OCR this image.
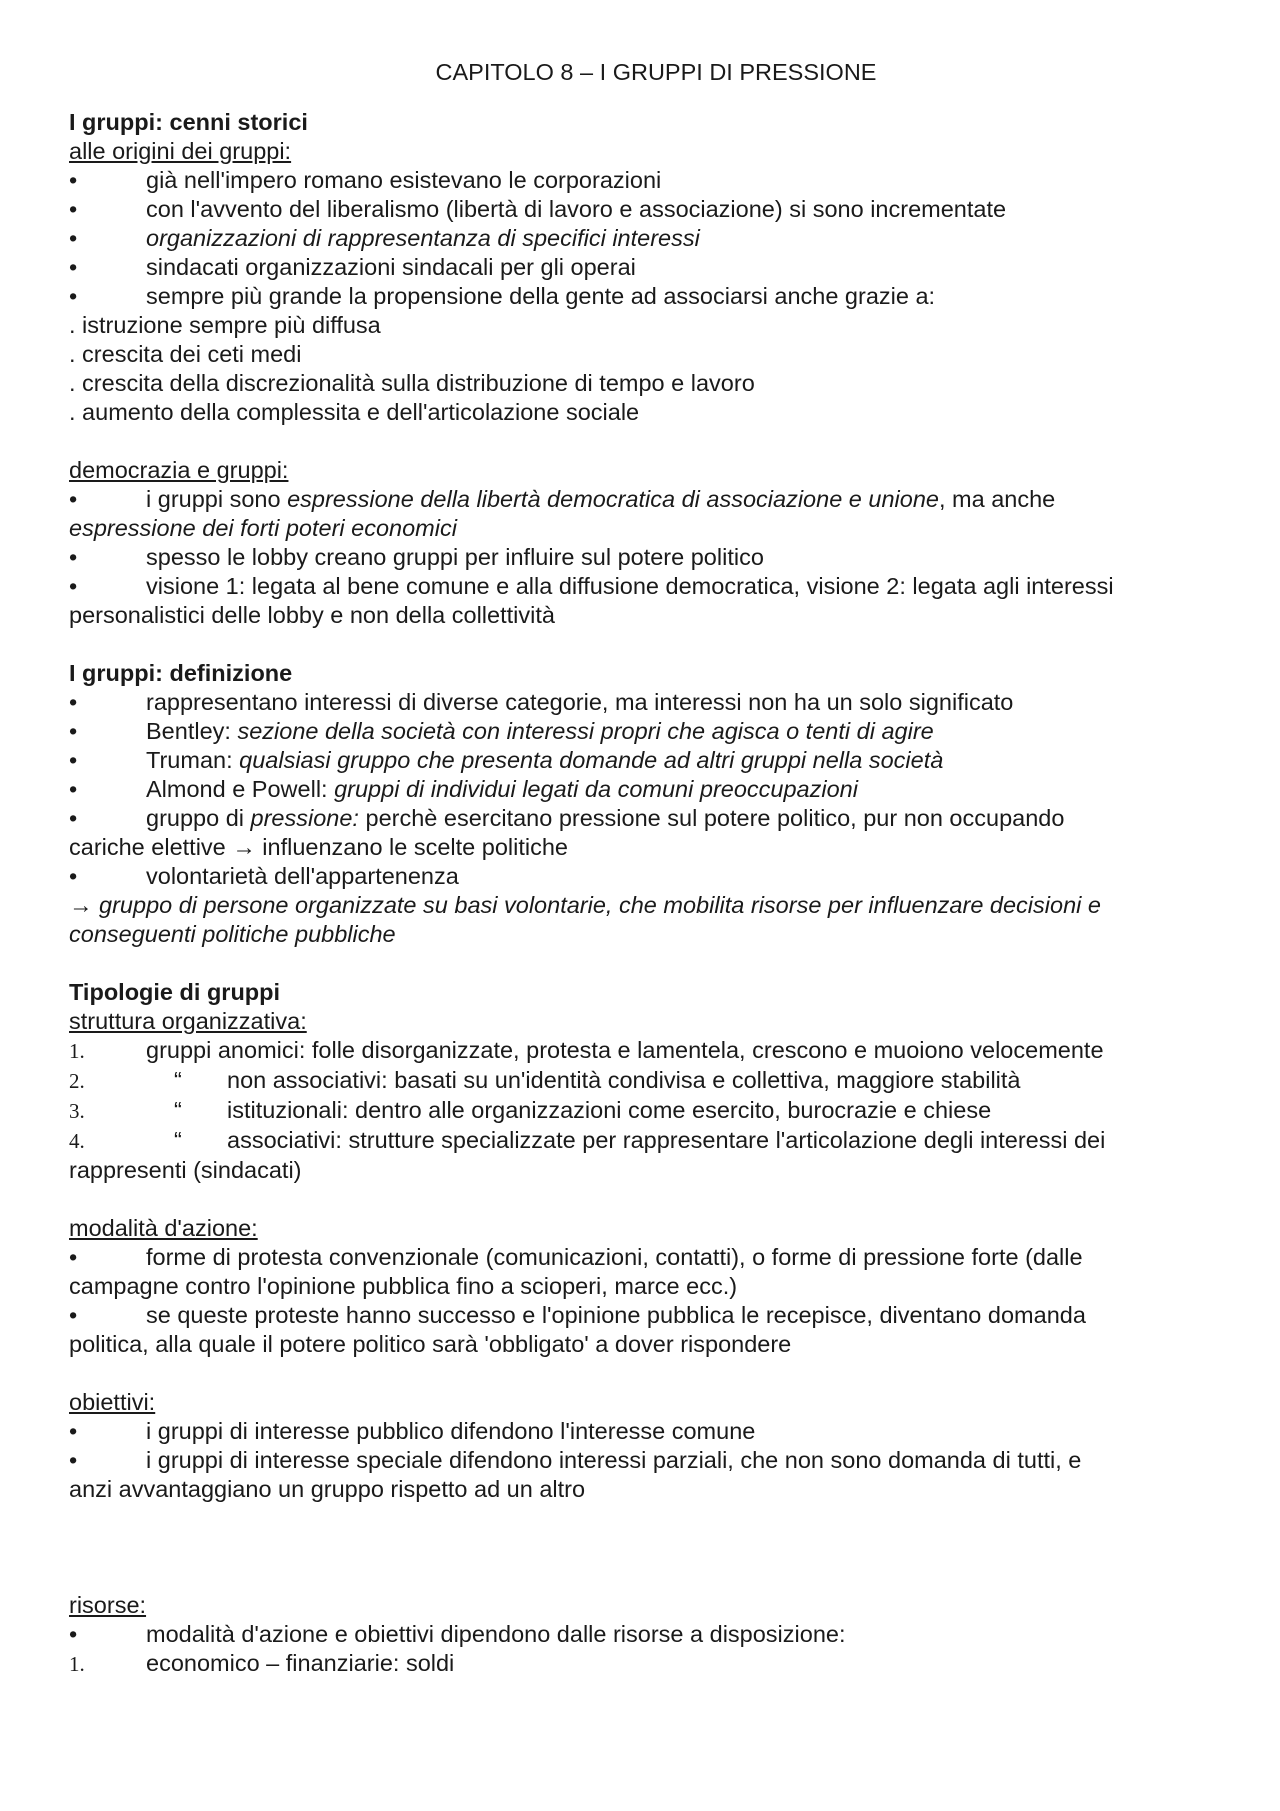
CAPITOLO 8 – I GRUPPI DI PRESSIONE
I gruppi: cenni storici
alle origini dei gruppi:
•	già nell'impero romano esistevano le corporazioni
•	con l'avvento del liberalismo (libertà di lavoro e associazione) si sono incrementate
•	organizzazioni di rappresentanza di specifici interessi
•	sindacati organizzazioni sindacali per gli operai
•	sempre più grande la propensione della gente ad associarsi anche grazie a:
. istruzione sempre più diffusa
. crescita dei ceti medi
. crescita della discrezionalità sulla distribuzione di tempo e lavoro
. aumento della complessita e dell'articolazione sociale
democrazia e gruppi:
•	i gruppi sono espressione della libertà democratica di associazione e unione, ma anche
espressione dei forti poteri economici
•	spesso le lobby creano gruppi per influire sul potere politico
•	visione 1: legata al bene comune e alla diffusione democratica, visione 2: legata agli interessi
personalistici delle lobby e non della collettività
I gruppi: definizione
•	rappresentano interessi di diverse categorie, ma interessi non ha un solo significato
•	Bentley: sezione della società con interessi propri che agisca o tenti di agire
•	Truman: qualsiasi gruppo che presenta domande ad altri gruppi nella società
•	Almond e Powell: gruppi di individui legati da comuni preoccupazioni
•	gruppo di pressione: perchè esercitano pressione sul potere politico, pur non occupando
cariche elettive → influenzano le scelte politiche
•	volontarietà dell'appartenenza
→ gruppo di persone organizzate su basi volontarie, che mobilita risorse per influenzare decisioni e
conseguenti politiche pubbliche
Tipologie di gruppi
struttura organizzativa:
1.	gruppi anomici: folle disorganizzate, protesta e lamentela, crescono e muoiono velocemente
2.	“ non associativi: basati su un'identità condivisa e collettiva, maggiore stabilità
3.	“ istituzionali: dentro alle organizzazioni come esercito, burocrazie e chiese
4.	“ associativi: strutture specializzate per rappresentare l'articolazione degli interessi dei
rappresenti (sindacati)
modalità d'azione:
•	forme di protesta convenzionale (comunicazioni, contatti), o forme di pressione forte (dalle
campagne contro l'opinione pubblica fino a scioperi, marce ecc.)
•	se queste proteste hanno successo e l'opinione pubblica le recepisce, diventano domanda
politica, alla quale il potere politico sarà 'obbligato' a dover rispondere
obiettivi:
•	i gruppi di interesse pubblico difendono l'interesse comune
•	i gruppi di interesse speciale difendono interessi parziali, che non sono domanda di tutti, e
anzi avvantaggiano un gruppo rispetto ad un altro
risorse:
•	modalità d'azione e obiettivi dipendono dalle risorse a disposizione:
1.	economico – finanziarie: soldi
